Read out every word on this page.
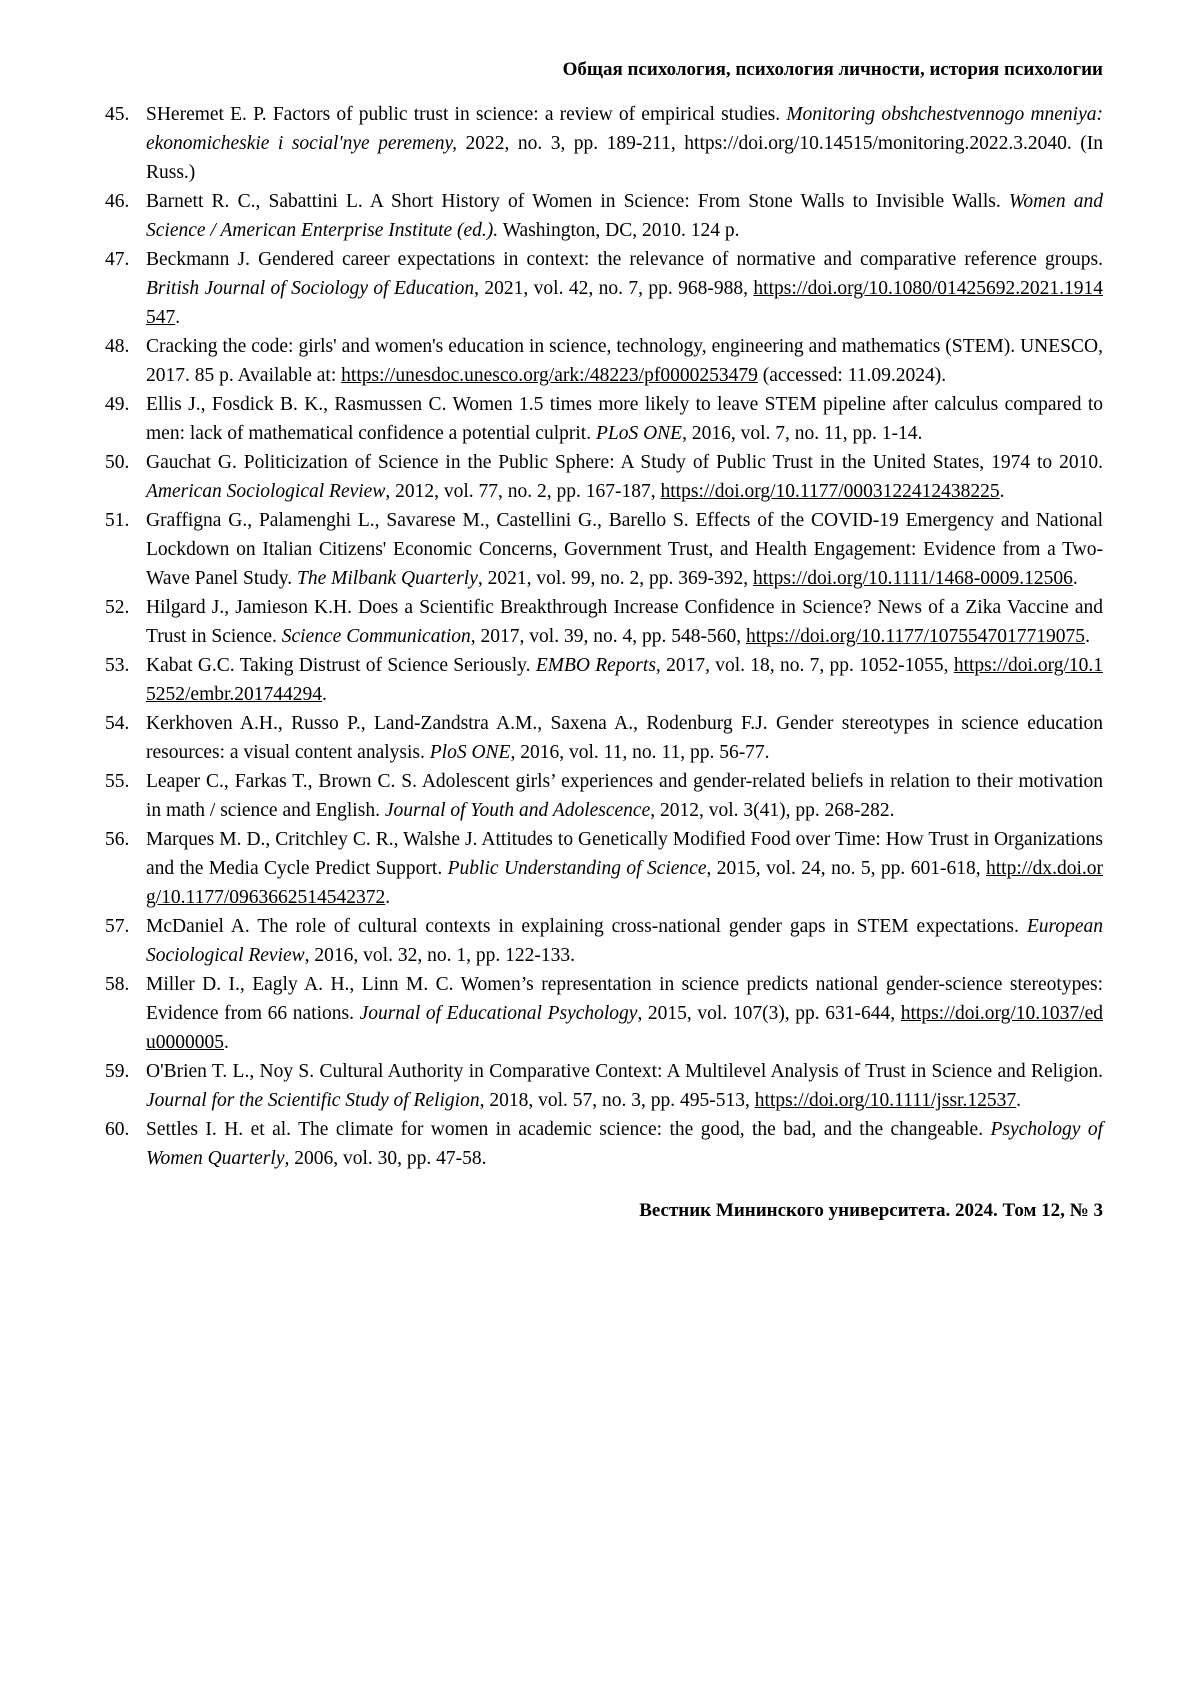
Общая психология, психология личности, история психологии
45. SHeremet E. P. Factors of public trust in science: a review of empirical studies. Monitoring obshchestvennogo mneniya: ekonomicheskie i social'nye peremeny, 2022, no. 3, pp. 189-211, https://doi.org/10.14515/monitoring.2022.3.2040. (In Russ.)
46. Barnett R. C., Sabattini L. A Short History of Women in Science: From Stone Walls to Invisible Walls. Women and Science / American Enterprise Institute (ed.). Washington, DC, 2010. 124 p.
47. Beckmann J. Gendered career expectations in context: the relevance of normative and comparative reference groups. British Journal of Sociology of Education, 2021, vol. 42, no. 7, pp. 968-988, https://doi.org/10.1080/01425692.2021.1914547.
48. Cracking the code: girls' and women's education in science, technology, engineering and mathematics (STEM). UNESCO, 2017. 85 p. Available at: https://unesdoc.unesco.org/ark:/48223/pf0000253479 (accessed: 11.09.2024).
49. Ellis J., Fosdick B. K., Rasmussen C. Women 1.5 times more likely to leave STEM pipeline after calculus compared to men: lack of mathematical confidence a potential culprit. PLoS ONE, 2016, vol. 7, no. 11, pp. 1-14.
50. Gauchat G. Politicization of Science in the Public Sphere: A Study of Public Trust in the United States, 1974 to 2010. American Sociological Review, 2012, vol. 77, no. 2, pp. 167-187, https://doi.org/10.1177/0003122412438225.
51. Graffigna G., Palamenghi L., Savarese M., Castellini G., Barello S. Effects of the COVID-19 Emergency and National Lockdown on Italian Citizens' Economic Concerns, Government Trust, and Health Engagement: Evidence from a Two-Wave Panel Study. The Milbank Quarterly, 2021, vol. 99, no. 2, pp. 369-392, https://doi.org/10.1111/1468-0009.12506.
52. Hilgard J., Jamieson K.H. Does a Scientific Breakthrough Increase Confidence in Science? News of a Zika Vaccine and Trust in Science. Science Communication, 2017, vol. 39, no. 4, pp. 548-560, https://doi.org/10.1177/1075547017719075.
53. Kabat G.C. Taking Distrust of Science Seriously. EMBO Reports, 2017, vol. 18, no. 7, pp. 1052-1055, https://doi.org/10.15252/embr.201744294.
54. Kerkhoven A.H., Russo P., Land-Zandstra A.M., Saxena A., Rodenburg F.J. Gender stereotypes in science education resources: a visual content analysis. PloS ONE, 2016, vol. 11, no. 11, pp. 56-77.
55. Leaper C., Farkas T., Brown C. S. Adolescent girls’ experiences and gender-related beliefs in relation to their motivation in math / science and English. Journal of Youth and Adolescence, 2012, vol. 3(41), pp. 268-282.
56. Marques M. D., Critchley C. R., Walshe J. Attitudes to Genetically Modified Food over Time: How Trust in Organizations and the Media Cycle Predict Support. Public Understanding of Science, 2015, vol. 24, no. 5, pp. 601-618, http://dx.doi.org/10.1177/0963662514542372.
57. McDaniel A. The role of cultural contexts in explaining cross-national gender gaps in STEM expectations. European Sociological Review, 2016, vol. 32, no. 1, pp. 122-133.
58. Miller D. I., Eagly A. H., Linn M. C. Women’s representation in science predicts national gender-science stereotypes: Evidence from 66 nations. Journal of Educational Psychology, 2015, vol. 107(3), pp. 631-644, https://doi.org/10.1037/edu0000005.
59. O'Brien T. L., Noy S. Cultural Authority in Comparative Context: A Multilevel Analysis of Trust in Science and Religion. Journal for the Scientific Study of Religion, 2018, vol. 57, no. 3, pp. 495-513, https://doi.org/10.1111/jssr.12537.
60. Settles I. H. et al. The climate for women in academic science: the good, the bad, and the changeable. Psychology of Women Quarterly, 2006, vol. 30, pp. 47-58.
Вестник Мининского университета. 2024. Том 12, № 3
